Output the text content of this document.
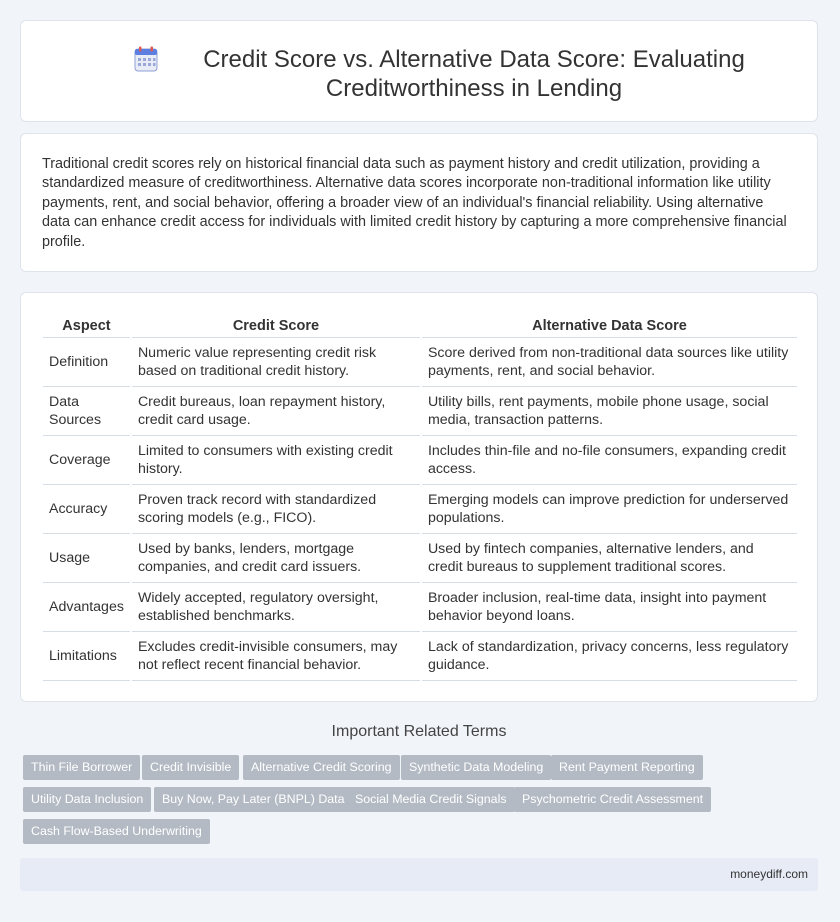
Credit Score vs. Alternative Data Score: Evaluating Creditworthiness in Lending
Traditional credit scores rely on historical financial data such as payment history and credit utilization, providing a standardized measure of creditworthiness. Alternative data scores incorporate non-traditional information like utility payments, rent, and social behavior, offering a broader view of an individual's financial reliability. Using alternative data can enhance credit access for individuals with limited credit history by capturing a more comprehensive financial profile.
Aspect	Credit Score	Alternative Data Score
Definition	Numeric value representing credit risk based on traditional credit history.	Score derived from non-traditional data sources like utility payments, rent, and social behavior.
Data Sources	Credit bureaus, loan repayment history, credit card usage.	Utility bills, rent payments, mobile phone usage, social media, transaction patterns.
Coverage	Limited to consumers with existing credit history.	Includes thin-file and no-file consumers, expanding credit access.
Accuracy	Proven track record with standardized scoring models (e.g., FICO).	Emerging models can improve prediction for underserved populations.
Usage	Used by banks, lenders, mortgage companies, and credit card issuers.	Used by fintech companies, alternative lenders, and credit bureaus to supplement traditional scores.
Advantages	Widely accepted, regulatory oversight, established benchmarks.	Broader inclusion, real-time data, insight into payment behavior beyond loans.
Limitations	Excludes credit-invisible consumers, may not reflect recent financial behavior.	Lack of standardization, privacy concerns, less regulatory guidance.
Important Related Terms
Thin File Borrower	Credit Invisible	Alternative Credit Scoring	Synthetic Data Modeling	Rent Payment Reporting
Utility Data Inclusion	Buy Now, Pay Later (BNPL) Data Social Media Credit Signals	Psychometric Credit Assessment
Cash Flow-Based Underwriting
moneydiff.com
